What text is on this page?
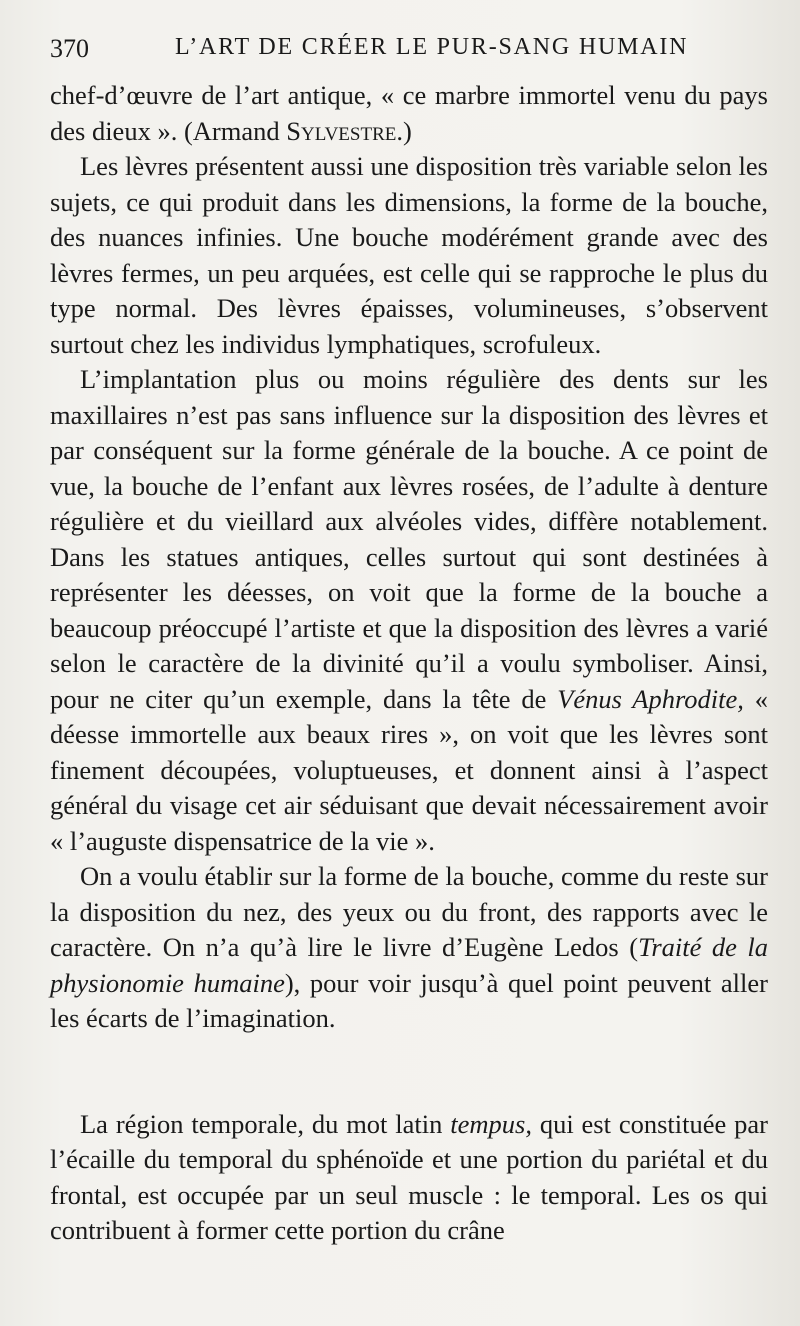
370	L’ART DE CRÉER LE PUR-SANG HUMAIN

chef-d’œuvre de l’art antique, « ce marbre immortel venu du pays des dieux ». (Armand Sylvestre.)

Les lèvres présentent aussi une disposition très variable selon les sujets, ce qui produit dans les dimensions, la forme de la bouche, des nuances infinies. Une bouche modérément grande avec des lèvres fermes, un peu arquées, est celle qui se rapproche le plus du type normal. Des lèvres épaisses, volumineuses, s’observent surtout chez les individus lymphatiques, scrofuleux.

L’implantation plus ou moins régulière des dents sur les maxillaires n’est pas sans influence sur la disposition des lèvres et par conséquent sur la forme générale de la bouche. A ce point de vue, la bouche de l’enfant aux lèvres rosées, de l’adulte à denture régulière et du vieillard aux alvéoles vides, diffère notablement. Dans les statues antiques, celles surtout qui sont destinées à représenter les déesses, on voit que la forme de la bouche a beaucoup préoccupé l’artiste et que la disposition des lèvres a varié selon le caractère de la divinité qu’il a voulu symboliser. Ainsi, pour ne citer qu’un exemple, dans la tête de Vénus Aphrodite, « déesse immortelle aux beaux rires », on voit que les lèvres sont finement découpées, voluptueuses, et donnent ainsi à l’aspect général du visage cet air séduisant que devait nécessairement avoir « l’auguste dispensatrice de la vie ».

On a voulu établir sur la forme de la bouche, comme du reste sur la disposition du nez, des yeux ou du front, des rapports avec le caractère. On n’a qu’à lire le livre d’Eugène Ledos (Traité de la physionomie humaine), pour voir jusqu’à quel point peuvent aller les écarts de l’imagination.

La région temporale, du mot latin tempus, qui est constituée par l’écaille du temporal du sphénoïde et une portion du pariétal et du frontal, est occupée par un seul muscle : le temporal. Les os qui contribuent à former cette portion du crâne
